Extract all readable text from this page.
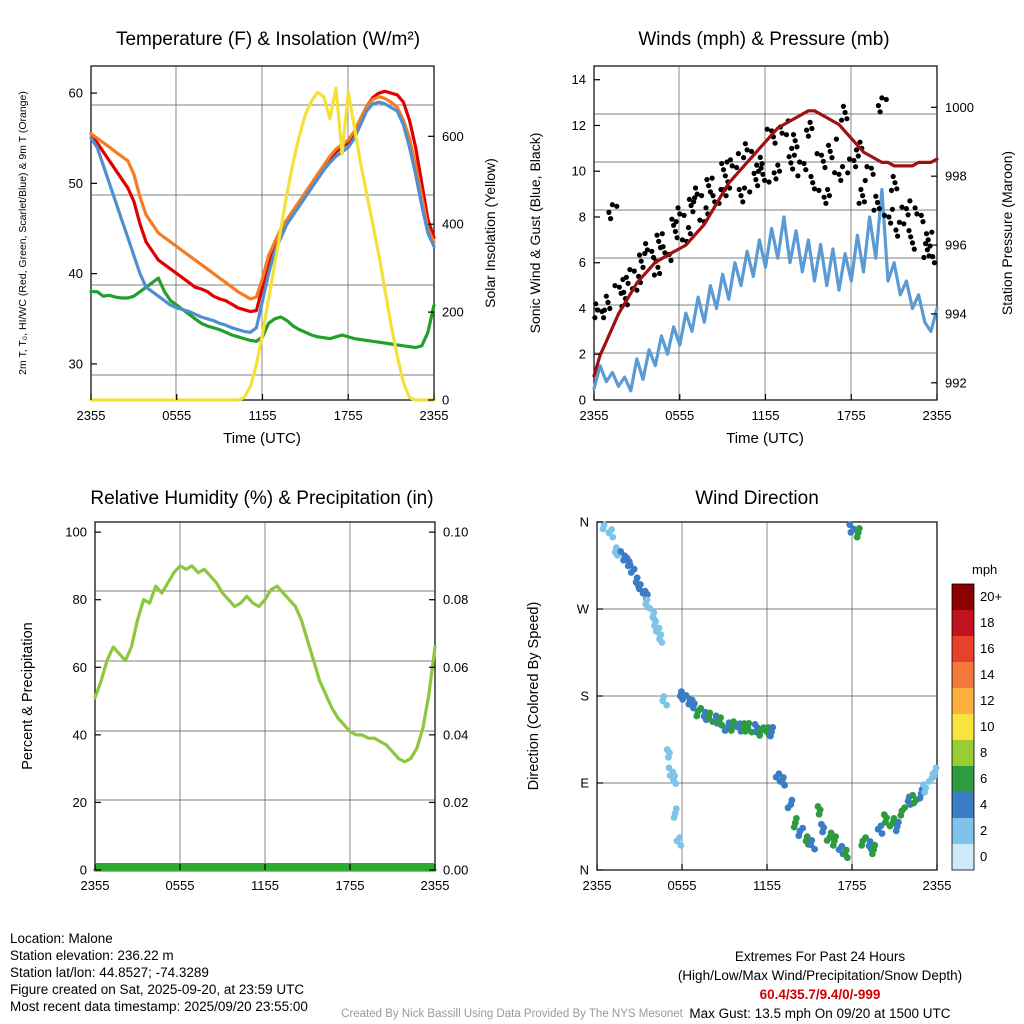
Temperature (F) & Insolation (W/m²)
30
40
50
60
0
200
400
600
2355	0555	1155	1755	2355
Time (UTC)
2m T, T₀, HI/WC (Red, Green, Scarlet/Blue) & 9m T (Orange)	Solar Insolation (Yellow)
Winds (mph) & Pressure (mb)
0
2
4
6
8
10
12
14
992
994
996
998
1000
2355	0555	1155	1755	2355
Time (UTC)
Sonic Wind & Gust (Blue, Black)	Station Pressure (Maroon)
Relative Humidity (%) & Precipitation (in)
0
20
40
60
80
100
0.00
0.02
0.04
0.06
0.08
0.10
2355	0555	1155	1755	2355
Percent & Precipitation
Wind Direction
N
E
S
W
N
2355	0555	1155	1755	2355
Direction (Colored By Speed)
mph
20+
18
16
14
12
10
8
6
4
2
0
Location: Malone
Station elevation: 236.22 m
Station lat/lon: 44.8527; -74.3289
Figure created on Sat, 2025-09-20, at 23:59 UTC
Most recent data timestamp: 2025/09/20 23:55:00
Extremes For Past 24 Hours
(High/Low/Max Wind/Precipitation/Snow Depth)
60.4/35.7/9.4/0/-999
Max Gust: 13.5 mph On 09/20 at 1500 UTC
Created By Nick Bassill Using Data Provided By The NYS Mesonet
